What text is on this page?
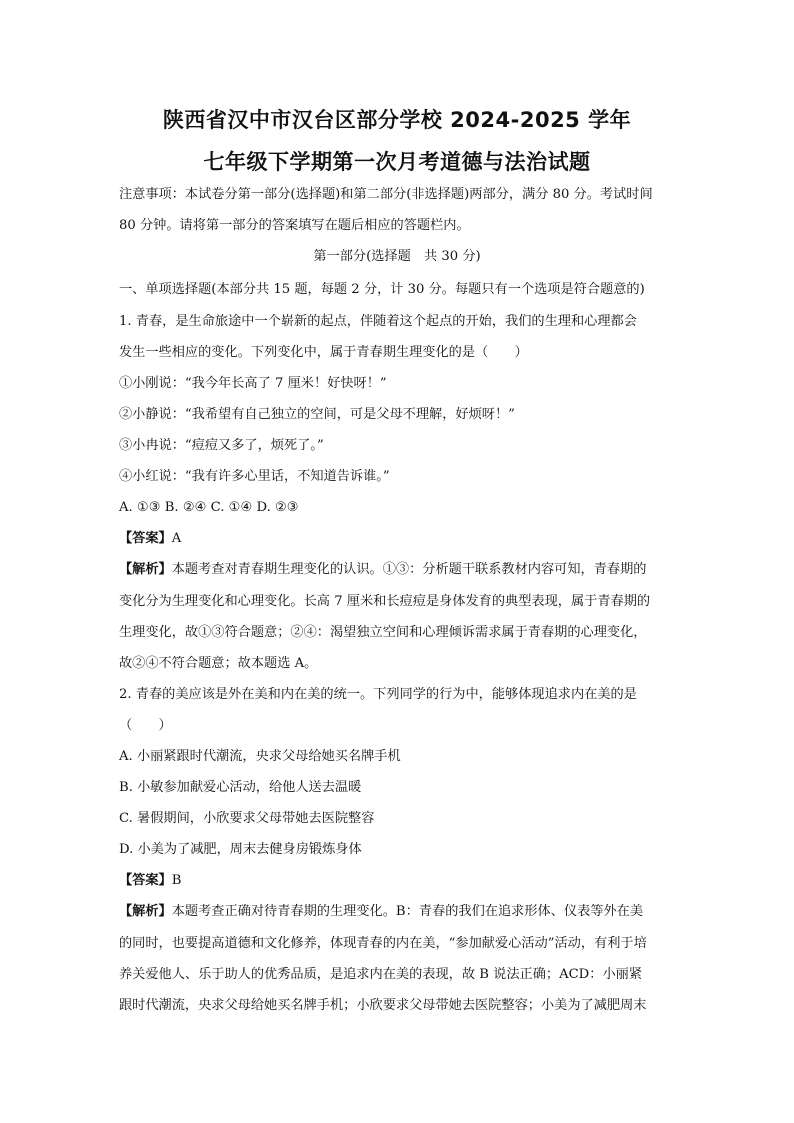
陕西省汉中市汉台区部分学校 2024-2025 学年
七年级下学期第一次月考道德与法治试题
注意事项：本试卷分第一部分(选择题)和第二部分(非选择题)两部分，满分 80 分。考试时间
80 分钟。请将第一部分的答案填写在题后相应的答题栏内。
第一部分(选择题　共 30 分)
一、单项选择题(本部分共 15 题，每题 2 分，计 30 分。每题只有一个选项是符合题意的)
1. 青春，是生命旅途中一个崭新的起点，伴随着这个起点的开始，我们的生理和心理都会
发生一些相应的变化。下列变化中，属于青春期生理变化的是（　　）
①小刚说：“我今年长高了 7 厘米！好快呀！”
②小静说：“我希望有自己独立的空间，可是父母不理解，好烦呀！”
③小冉说：“痘痘又多了，烦死了。”
④小红说：“我有许多心里话，不知道告诉谁。”
A. ①③ B. ②④ C. ①④ D. ②③
【答案】A
【解析】本题考查对青春期生理变化的认识。①③：分析题干联系教材内容可知，青春期的
变化分为生理变化和心理变化。长高 7 厘米和长痘痘是身体发育的典型表现，属于青春期的
生理变化，故①③符合题意；②④：渴望独立空间和心理倾诉需求属于青春期的心理变化，
故②④不符合题意；故本题选 A。
2. 青春的美应该是外在美和内在美的统一。下列同学的行为中，能够体现追求内在美的是
（　　）
A. 小丽紧跟时代潮流，央求父母给她买名牌手机
B. 小敏参加献爱心活动，给他人送去温暖
C. 暑假期间，小欣要求父母带她去医院整容
D. 小美为了减肥，周末去健身房锻炼身体
【答案】B
【解析】本题考查正确对待青春期的生理变化。B：青春的我们在追求形体、仪表等外在美
的同时，也要提高道德和文化修养，体现青春的内在美，“参加献爱心活动”活动，有利于培
养关爱他人、乐于助人的优秀品质，是追求内在美的表现，故 B 说法正确；ACD：小丽紧
跟时代潮流，央求父母给她买名牌手机；小欣要求父母带她去医院整容；小美为了减肥周末
